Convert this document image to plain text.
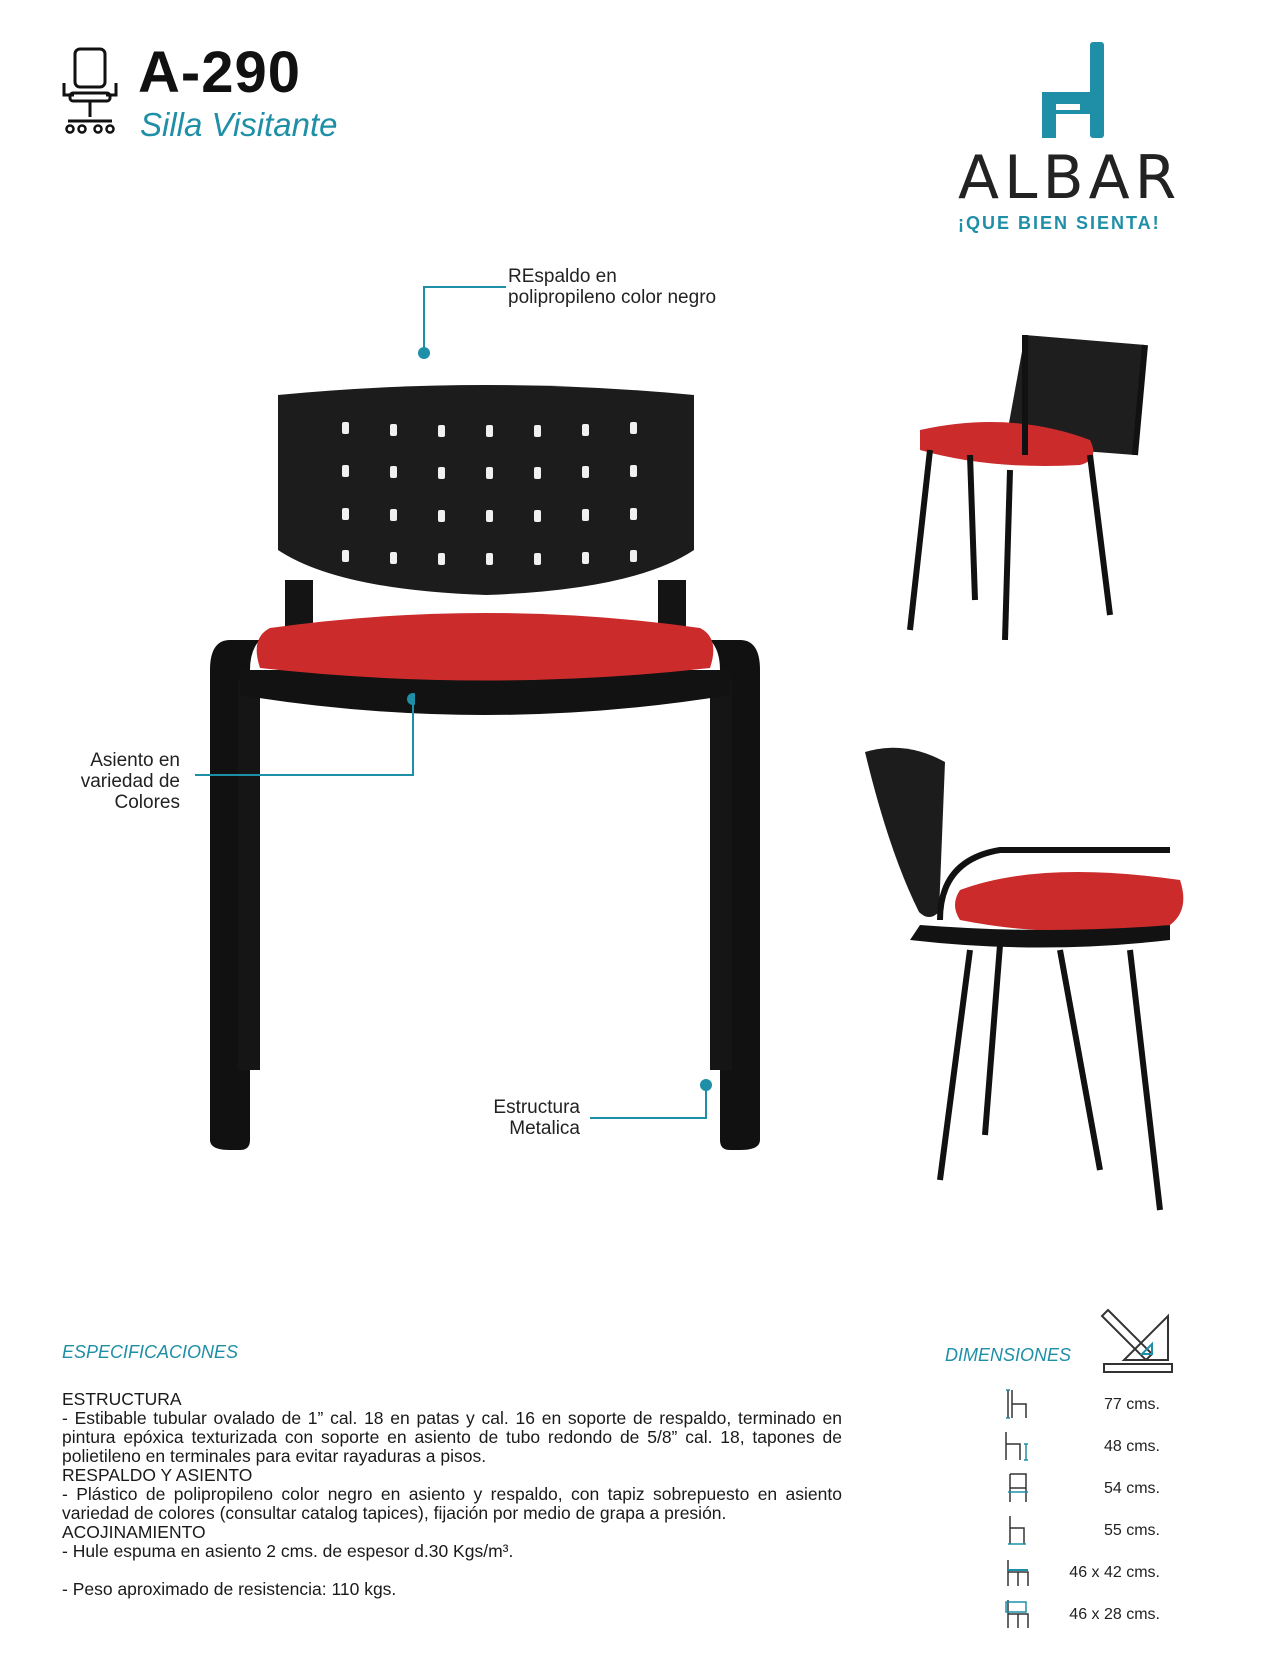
A-290
Silla Visitante
ALBAR
¡QUE BIEN SIENTA!
REspaldo en
polipropileno color negro
Asiento en
variedad de
Colores
Estructura
Metalica
ESPECIFICACIONES

ESTRUCTURA

- Estibable tubular ovalado de 1” cal. 18 en patas y cal. 16 en soporte de respaldo, terminado en pintura epóxica texturizada con soporte en asiento de tubo redondo de 5/8” cal. 18, tapones de polietileno en terminales para evitar rayaduras a pisos.

RESPALDO Y ASIENTO

- Plástico de polipropileno color negro en asiento y respaldo, con tapiz sobrepuesto en asiento variedad de colores (consultar catalog tapices), fijación por medio de grapa a presión.

ACOJINAMIENTO

- Hule espuma en asiento 2 cms. de espesor d.30 Kgs/m³.

- Peso aproximado de resistencia: 110 kgs.

DIMENSIONES
77 cms.
48 cms.
54 cms.
55 cms.
46 x 42 cms.
46 x 28 cms.
